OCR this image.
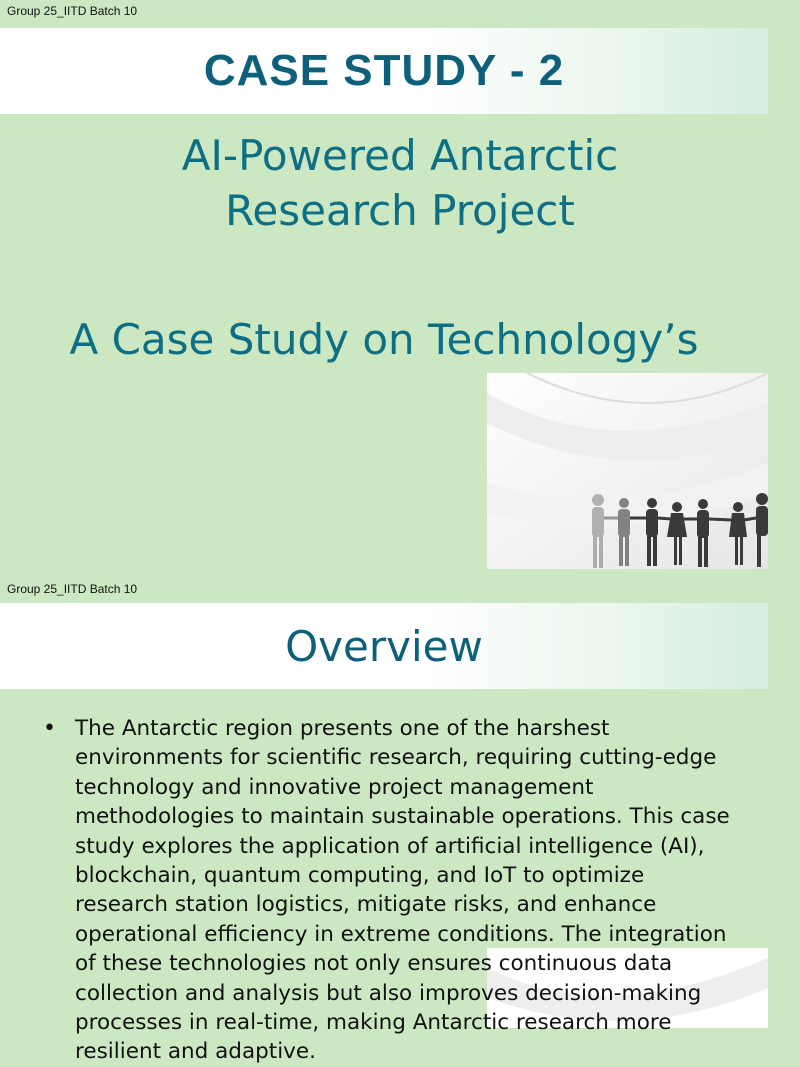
Group 25_IITD Batch 10
CASE STUDY - 2
AI-Powered Antarctic
Research Project
A Case Study on Technology’s
Group 25_IITD Batch 10
Overview
• The Antarctic region presents one of the harshest environments for scientific research, requiring cutting-edge technology and innovative project management methodologies to maintain sustainable operations. This case study explores the application of artificial intelligence (AI), blockchain, quantum computing, and IoT to optimize research station logistics, mitigate risks, and enhance operational efficiency in extreme conditions. The integration of these technologies not only ensures continuous data collection and analysis but also improves decision-making processes in real-time, making Antarctic research more resilient and adaptive.
